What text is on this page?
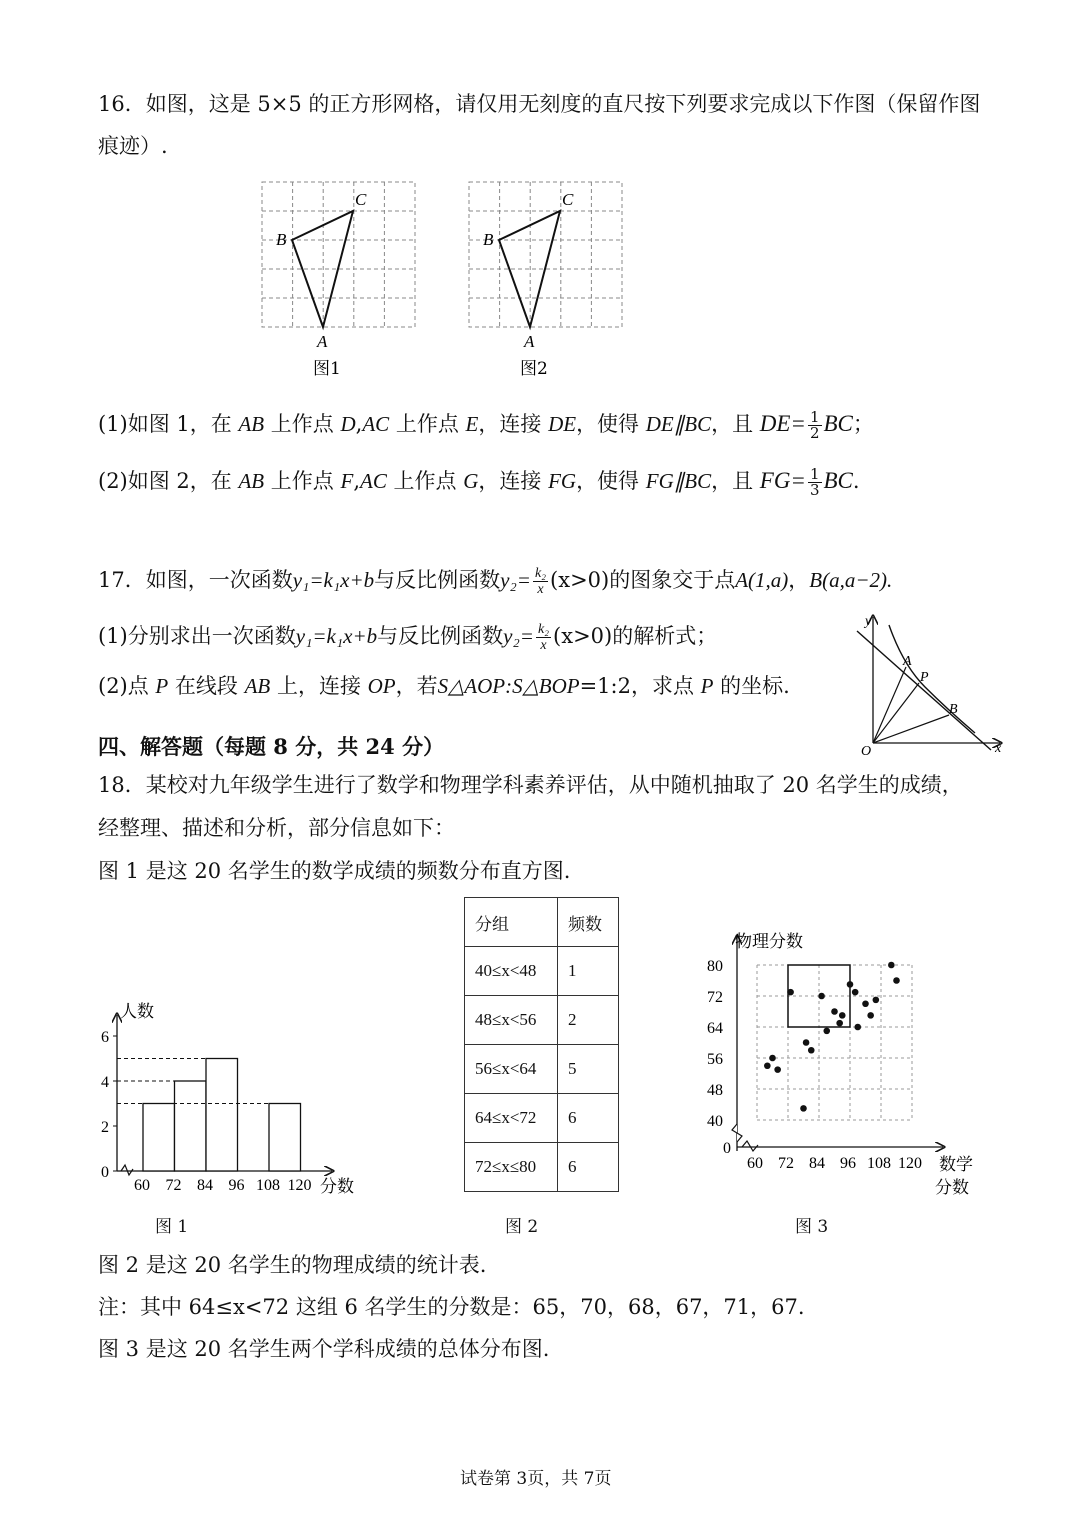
16．如图，这是 5×5 的正方形网格，请仅用无刻度的直尺按下列要求完成以下作图（保留作图
痕迹）.
A
B
C
图1
A
B
C
图2
(1)如图 1，在 AB 上作点 D,AC 上作点 E，连接 DE，使得 DE∥BC，且 $DE= \frac{1}{2}$ BC；
(2)如图 2，在 AB 上作点 F,AC 上作点 G，连接 FG，使得 FG∥BC，且 $FG= \frac{1}{3}$ BC.
17．如图，一次函数y₁=k₁x+b与反比例函数$y_2= \frac{\text{k₂}}{x} (x>0)$的图象交于点A(1,a)，B(a,a−2).
(1)分别求出一次函数y₁=k₁x+b与反比例函数$y_2= \frac{\text{k₂}}{x} (x>0)$的解析式；
(2)点 P 在线段 AB 上，连接 OP，若S△AOP:S△BOP=1:2，求点 P 的坐标.
y
x
O
A
P
B
四、解答题（每题 8 分，共 24 分）
18．某校对九年级学生进行了数学和物理学科素养评估，从中随机抽取了 20 名学生的成绩，
经整理、描述和分析，部分信息如下：
图 1 是这 20 名学生的数学成绩的频数分布直方图.
0
2
4
6
60 72 84 96 108 120
人数
分数
分组	频数
40≤x<48	1
48≤x<56	2
56≤x<64	5
64≤x<72	6
72≤x≤80	6
0
40
48
56
64
72
80
60 72 84 96 108 120
物理分数
数学
分数
图 1	图 2	图 3
图 2 是这 20 名学生的物理成绩的统计表.
注：其中 64≤x<72 这组 6 名学生的分数是：65，70，68，67，71，67.
图 3 是这 20 名学生两个学科成绩的总体分布图.
试卷第 3页，共 7页
